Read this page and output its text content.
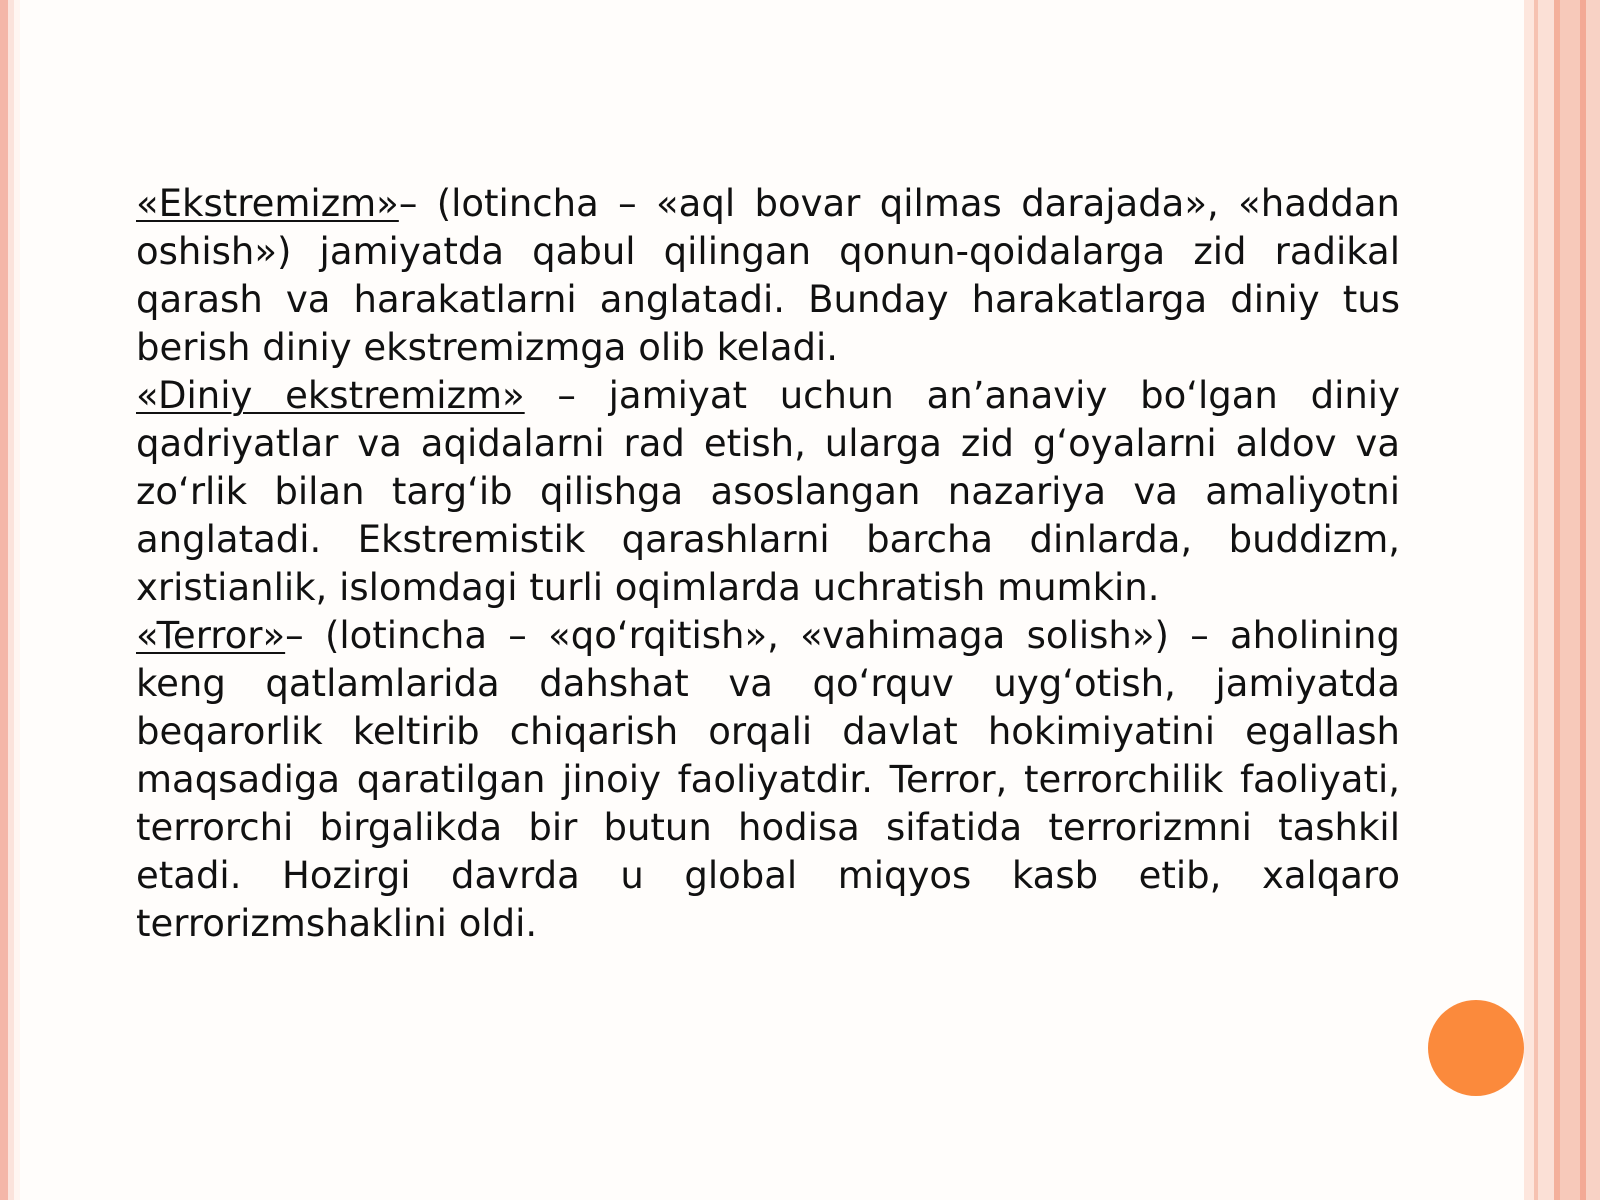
«Ekstremizm»– (lotincha – «aql bovar qilmas darajada», «haddan oshish») jamiyatda qabul qilingan qonun-qoidalarga zid radikal qarash va harakatlarni anglatadi. Bunday harakatlarga diniy tus berish diniy ekstremizmga olib keladi.

«Diniy ekstremizm» – jamiyat uchun an’anaviy bo‘lgan diniy qadriyatlar va aqidalarni rad etish, ularga zid g‘oyalarni aldov va zo‘rlik bilan targ‘ib qilishga asoslangan nazariya va amaliyotni anglatadi. Ekstremistik qarashlarni barcha dinlarda, buddizm, xristianlik, islomdagi turli oqimlarda uchratish mumkin.

«Terror»– (lotincha – «qo‘rqitish», «vahimaga solish») – aholining keng qatlamlarida dahshat va qo‘rquv uyg‘otish, jamiyatda beqarorlik keltirib chiqarish orqali davlat hokimiyatini egallash maqsadiga qaratilgan jinoiy faoliyatdir. Terror, terrorchilik faoliyati, terrorchi birgalikda bir butun hodisa sifatida terrorizmni tashkil etadi. Hozirgi davrda u global miqyos kasb etib, xalqaro terrorizmshaklini oldi.
